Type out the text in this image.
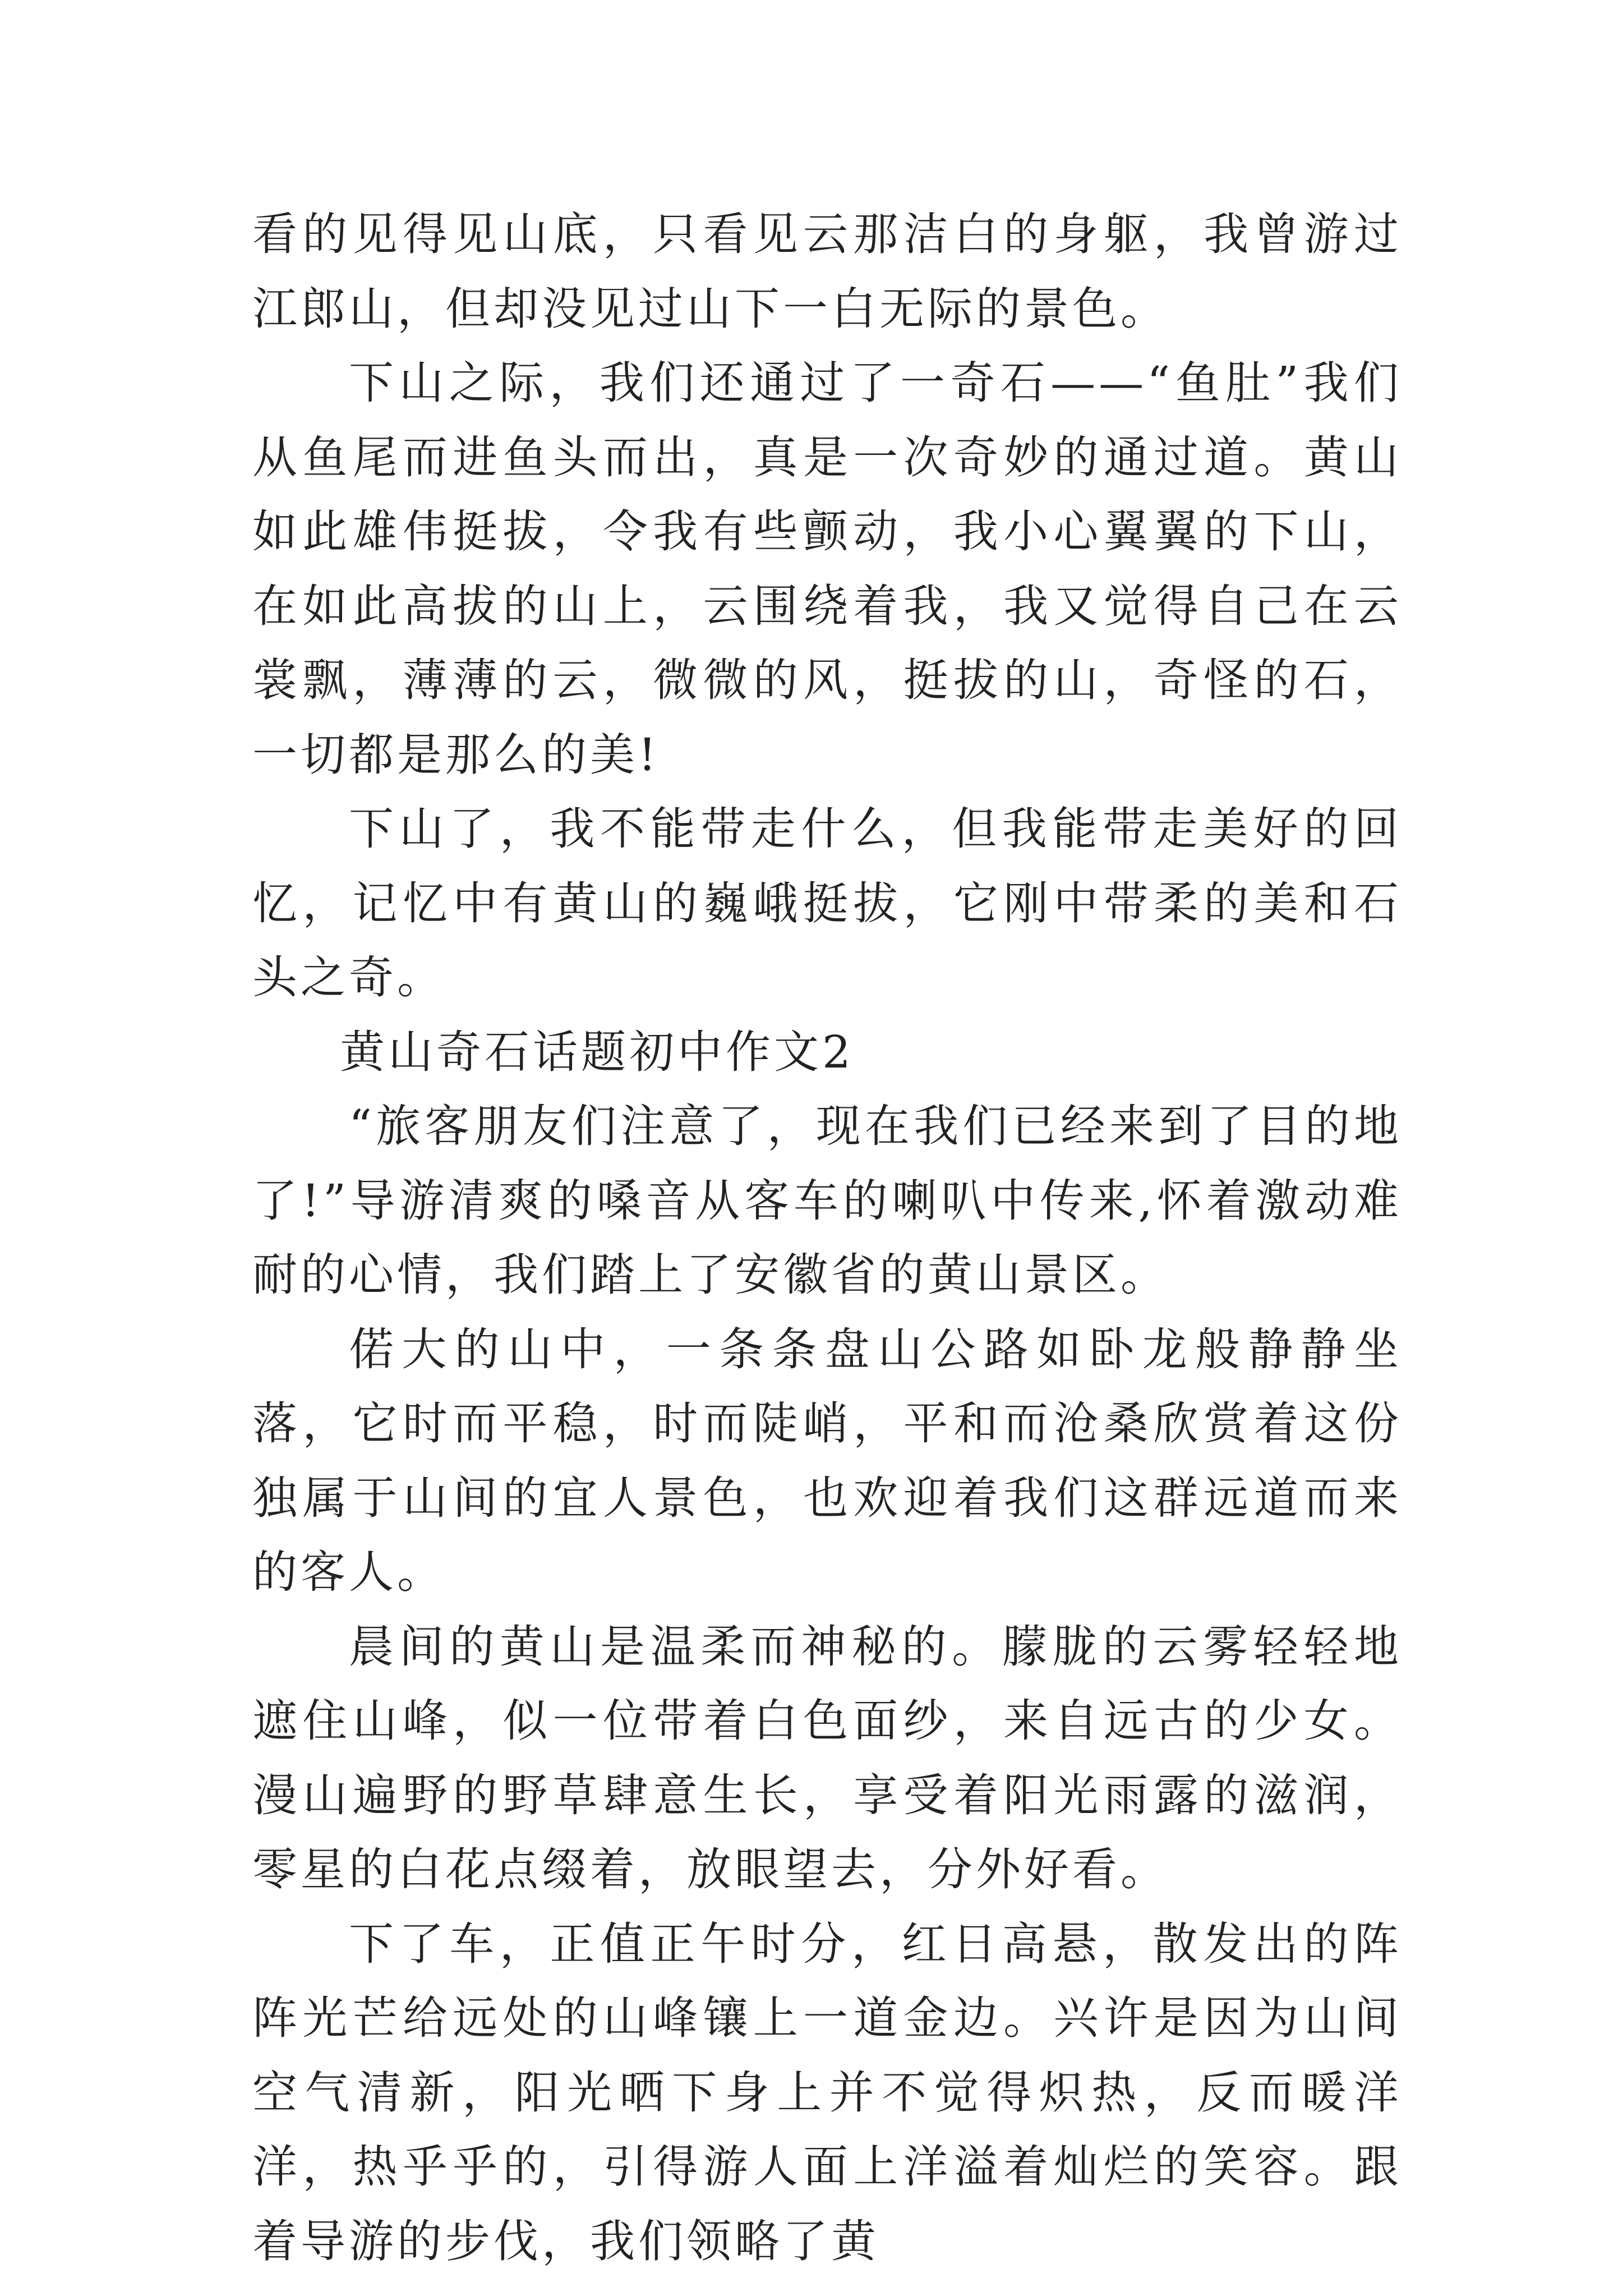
看的见得见山底，只看见云那洁白的身躯，我曾游过江郎山，但却没见过山下一白无际的景色。

下山之际，我们还通过了一奇石——“鱼肚”我们从鱼尾而进鱼头而出，真是一次奇妙的通过道。黄山如此雄伟挺拔，令我有些颤动，我小心翼翼的下山，在如此高拔的山上，云围绕着我，我又觉得自己在云裳飘，薄薄的云，微微的风，挺拔的山，奇怪的石，一切都是那么的美!

下山了，我不能带走什么，但我能带走美好的回忆，记忆中有黄山的巍峨挺拔，它刚中带柔的美和石头之奇。

黄山奇石话题初中作文2

“旅客朋友们注意了，现在我们已经来到了目的地了!”导游清爽的嗓音从客车的喇叭中传来,怀着激动难耐的心情，我们踏上了安徽省的黄山景区。

偌大的山中，一条条盘山公路如卧龙般静静坐落，它时而平稳，时而陡峭，平和而沧桑欣赏着这份独属于山间的宜人景色，也欢迎着我们这群远道而来的客人。

晨间的黄山是温柔而神秘的。朦胧的云雾轻轻地遮住山峰，似一位带着白色面纱，来自远古的少女。漫山遍野的野草肆意生长，享受着阳光雨露的滋润，零星的白花点缀着，放眼望去，分外好看。

下了车，正值正午时分，红日高悬，散发出的阵阵光芒给远处的山峰镶上一道金边。兴许是因为山间空气清新，阳光晒下身上并不觉得炽热，反而暖洋洋，热乎乎的，引得游人面上洋溢着灿烂的笑容。跟着导游的步伐，我们领略了黄
